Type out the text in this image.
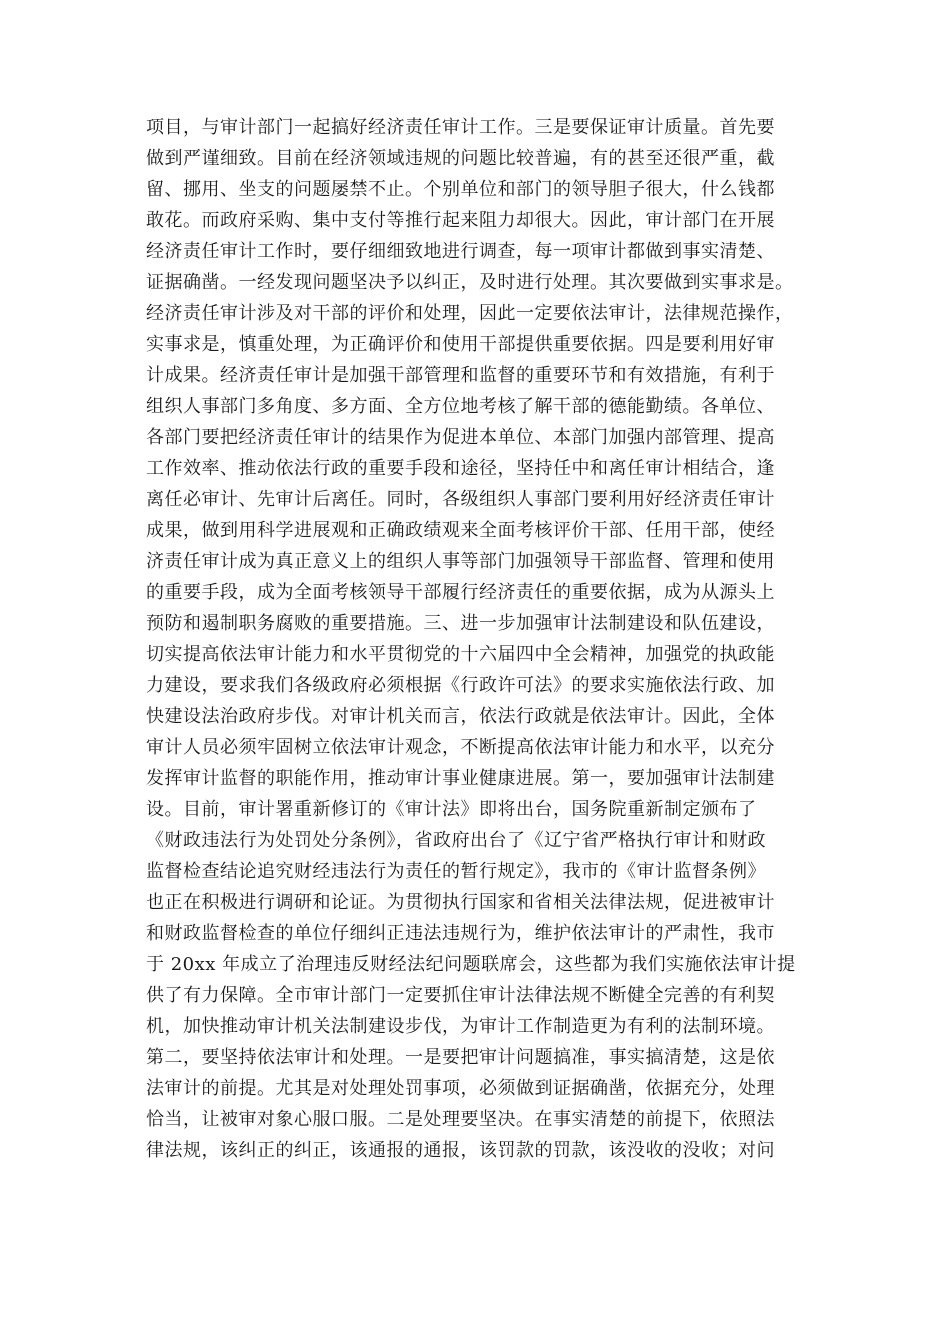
项目，与审计部门一起搞好经济责任审计工作。三是要保证审计质量。首先要
做到严谨细致。目前在经济领域违规的问题比较普遍，有的甚至还很严重，截
留、挪用、坐支的问题屡禁不止。个别单位和部门的领导胆子很大，什么钱都
敢花。而政府采购、集中支付等推行起来阻力却很大。因此，审计部门在开展
经济责任审计工作时，要仔细细致地进行调查，每一项审计都做到事实清楚、
证据确凿。一经发现问题坚决予以纠正，及时进行处理。其次要做到实事求是。
经济责任审计涉及对干部的评价和处理，因此一定要依法审计，法律规范操作，
实事求是，慎重处理，为正确评价和使用干部提供重要依据。四是要利用好审
计成果。经济责任审计是加强干部管理和监督的重要环节和有效措施，有利于
组织人事部门多角度、多方面、全方位地考核了解干部的德能勤绩。各单位、
各部门要把经济责任审计的结果作为促进本单位、本部门加强内部管理、提高
工作效率、推动依法行政的重要手段和途径，坚持任中和离任审计相结合，逢
离任必审计、先审计后离任。同时，各级组织人事部门要利用好经济责任审计
成果，做到用科学进展观和正确政绩观来全面考核评价干部、任用干部，使经
济责任审计成为真正意义上的组织人事等部门加强领导干部监督、管理和使用
的重要手段，成为全面考核领导干部履行经济责任的重要依据，成为从源头上
预防和遏制职务腐败的重要措施。三、进一步加强审计法制建设和队伍建设，
切实提高依法审计能力和水平贯彻党的十六届四中全会精神，加强党的执政能
力建设，要求我们各级政府必须根据《行政许可法》的要求实施依法行政、加
快建设法治政府步伐。对审计机关而言，依法行政就是依法审计。因此，全体
审计人员必须牢固树立依法审计观念，不断提高依法审计能力和水平，以充分
发挥审计监督的职能作用，推动审计事业健康进展。第一，要加强审计法制建
设。目前，审计署重新修订的《审计法》即将出台，国务院重新制定颁布了
《财政违法行为处罚处分条例》，省政府出台了《辽宁省严格执行审计和财政
监督检查结论追究财经违法行为责任的暂行规定》，我市的《审计监督条例》
也正在积极进行调研和论证。为贯彻执行国家和省相关法律法规，促进被审计
和财政监督检查的单位仔细纠正违法违规行为，维护依法审计的严肃性，我市
于 20xx 年成立了治理违反财经法纪问题联席会，这些都为我们实施依法审计提
供了有力保障。全市审计部门一定要抓住审计法律法规不断健全完善的有利契
机，加快推动审计机关法制建设步伐，为审计工作制造更为有利的法制环境。
第二，要坚持依法审计和处理。一是要把审计问题搞准，事实搞清楚，这是依
法审计的前提。尤其是对处理处罚事项，必须做到证据确凿，依据充分，处理
恰当，让被审对象心服口服。二是处理要坚决。在事实清楚的前提下，依照法
律法规，该纠正的纠正，该通报的通报，该罚款的罚款，该没收的没收；对问
